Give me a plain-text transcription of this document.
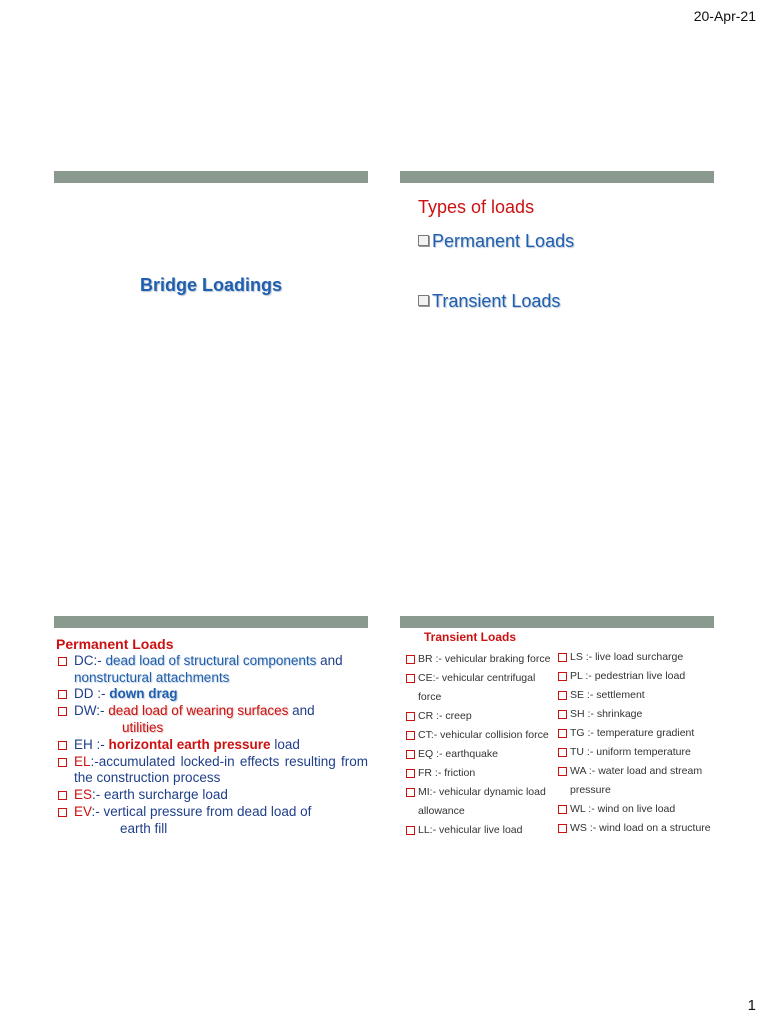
20-Apr-21
Bridge Loadings
Types of loads
Permanent Loads
Transient Loads
Permanent Loads
DC:- dead load of structural components and
nonstructural attachments
DD :- down drag
DW:- dead load of wearing surfaces and
utilities
EH :- horizontal earth pressure load
EL:-accumulated locked-in effects resulting from the construction process
ES:- earth surcharge load
EV:- vertical pressure from dead load of
earth fill
Transient Loads
BR :- vehicular braking force
CE:- vehicular centrifugal force
CR :- creep
CT:- vehicular collision force
EQ :- earthquake
FR :- friction
MI:- vehicular dynamic load allowance
LL:- vehicular live load
LS :- live load surcharge
PL :- pedestrian live load
SE :- settlement
SH :- shrinkage
TG :- temperature gradient
TU :- uniform temperature
WA :- water load and stream pressure
WL :- wind on live load
WS :- wind load on a structure
1
